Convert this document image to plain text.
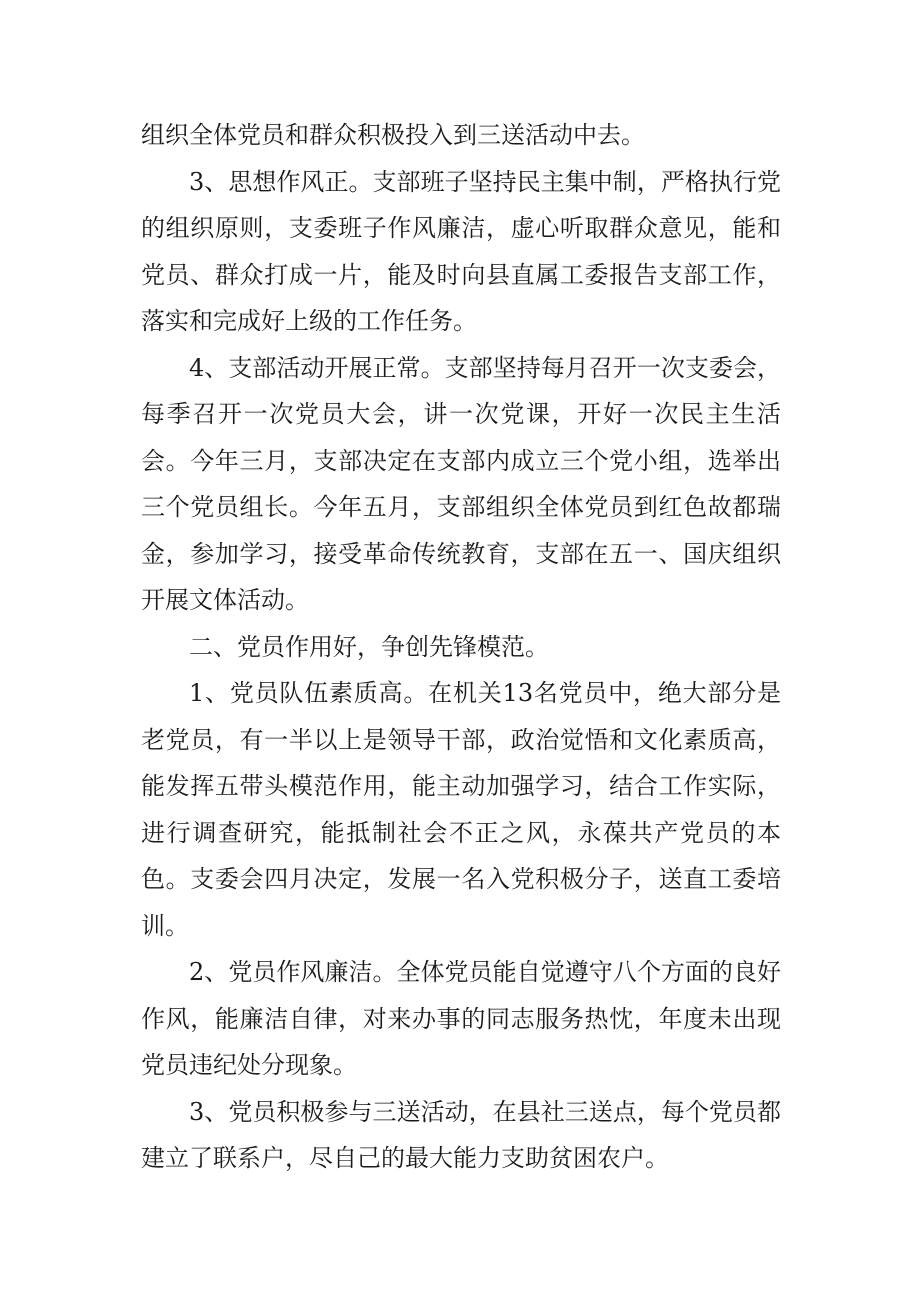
组织全体党员和群众积极投入到三送活动中去。

3、思想作风正。支部班子坚持民主集中制，严格执行党的组织原则，支委班子作风廉洁，虚心听取群众意见，能和党员、群众打成一片，能及时向县直属工委报告支部工作，落实和完成好上级的工作任务。

4、支部活动开展正常。支部坚持每月召开一次支委会，每季召开一次党员大会，讲一次党课，开好一次民主生活会。今年三月，支部决定在支部内成立三个党小组，选举出三个党员组长。今年五月，支部组织全体党员到红色故都瑞金，参加学习，接受革命传统教育，支部在五一、国庆组织开展文体活动。

二、党员作用好，争创先锋模范。

1、党员队伍素质高。在机关13名党员中，绝大部分是老党员，有一半以上是领导干部，政治觉悟和文化素质高，能发挥五带头模范作用，能主动加强学习，结合工作实际，进行调查研究，能抵制社会不正之风，永葆共产党员的本色。支委会四月决定，发展一名入党积极分子，送直工委培训。

2、党员作风廉洁。全体党员能自觉遵守八个方面的良好作风，能廉洁自律，对来办事的同志服务热忱，年度未出现党员违纪处分现象。

3、党员积极参与三送活动，在县社三送点，每个党员都建立了联系户，尽自己的最大能力支助贫困农户。
